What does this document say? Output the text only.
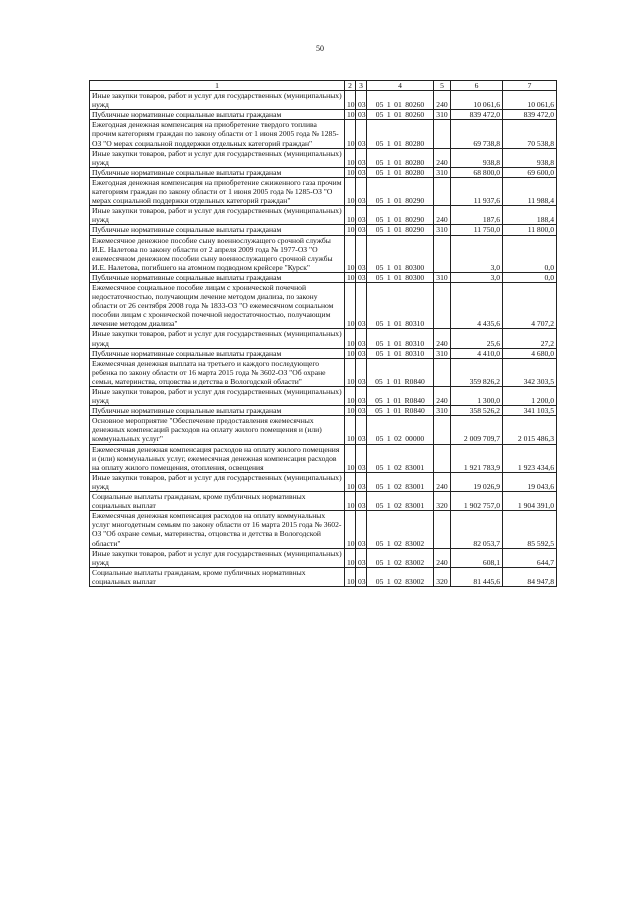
50
1	2	3	4	5	6	7
Иные закупки товаров, работ и услуг для государственных (муниципальных) нужд	10	03	05 1 01 80260	240	10 061,6	10 061,6
Публичные нормативные социальные выплаты гражданам	10	03	05 1 01 80260	310	839 472,0	839 472,0
Ежегодная денежная компенсация на приобретение твердого топлива прочим категориям граждан по закону области от 1 июня 2005 года № 1285-ОЗ "О мерах социальной поддержки отдельных категорий граждан"	10	03	05 1 01 80280		69 738,8	70 538,8
Иные закупки товаров, работ и услуг для государственных (муниципальных) нужд	10	03	05 1 01 80280	240	938,8	938,8
Публичные нормативные социальные выплаты гражданам	10	03	05 1 01 80280	310	68 800,0	69 600,0
Ежегодная денежная компенсация на приобретение сжиженного газа прочим категориям граждан по закону области от 1 июня 2005 года № 1285-ОЗ "О мерах социальной поддержки отдельных категорий граждан"	10	03	05 1 01 80290		11 937,6	11 988,4
Иные закупки товаров, работ и услуг для государственных (муниципальных) нужд	10	03	05 1 01 80290	240	187,6	188,4
Публичные нормативные социальные выплаты гражданам	10	03	05 1 01 80290	310	11 750,0	11 800,0
Ежемесячное денежное пособие сыну военнослужащего срочной службы И.Е. Налетова по закону области от 2 апреля 2009 года № 1977-ОЗ "О ежемесячном денежном пособии сыну военнослужащего срочной службы И.Е. Налетова, погибшего на атомном подводном крейсере "Курск"	10	03	05 1 01 80300		3,0	0,0
Публичные нормативные социальные выплаты гражданам	10	03	05 1 01 80300	310	3,0	0,0
Ежемесячное социальное пособие лицам с хронической почечной недостаточностью, получающим лечение методом диализа, по закону области от 26 сентября 2008 года № 1833-ОЗ "О ежемесячном социальном пособии лицам с хронической почечной недостаточностью, получающим лечение методом диализа"	10	03	05 1 01 80310		4 435,6	4 707,2
Иные закупки товаров, работ и услуг для государственных (муниципальных) нужд	10	03	05 1 01 80310	240	25,6	27,2
Публичные нормативные социальные выплаты гражданам	10	03	05 1 01 80310	310	4 410,0	4 680,0
Ежемесячная денежная выплата на третьего и каждого последующего ребенка по закону области от 16 марта 2015 года № 3602-ОЗ "Об охране семьи, материнства, отцовства и детства в Вологодской области"	10	03	05 1 01 R0840		359 826,2	342 303,5
Иные закупки товаров, работ и услуг для государственных (муниципальных) нужд	10	03	05 1 01 R0840	240	1 300,0	1 200,0
Публичные нормативные социальные выплаты гражданам	10	03	05 1 01 R0840	310	358 526,2	341 103,5
Основное мероприятие "Обеспечение предоставления ежемесячных денежных компенсаций расходов на оплату жилого помещения и (или) коммунальных услуг"	10	03	05 1 02 00000		2 009 709,7	2 015 486,3
Ежемесячная денежная компенсация расходов на оплату жилого помещения и (или) коммунальных услуг, ежемесячная денежная компенсация расходов на оплату жилого помещения, отопления, освещения	10	03	05 1 02 83001		1 921 783,9	1 923 434,6
Иные закупки товаров, работ и услуг для государственных (муниципальных) нужд	10	03	05 1 02 83001	240	19 026,9	19 043,6
Социальные выплаты гражданам, кроме публичных нормативных социальных выплат	10	03	05 1 02 83001	320	1 902 757,0	1 904 391,0
Ежемесячная денежная компенсация расходов на оплату коммунальных услуг многодетным семьям по закону области от 16 марта 2015 года № 3602-ОЗ "Об охране семьи, материнства, отцовства и детства в Вологодской области"	10	03	05 1 02 83002		82 053,7	85 592,5
Иные закупки товаров, работ и услуг для государственных (муниципальных) нужд	10	03	05 1 02 83002	240	608,1	644,7
Социальные выплаты гражданам, кроме публичных нормативных социальных выплат	10	03	05 1 02 83002	320	81 445,6	84 947,8
